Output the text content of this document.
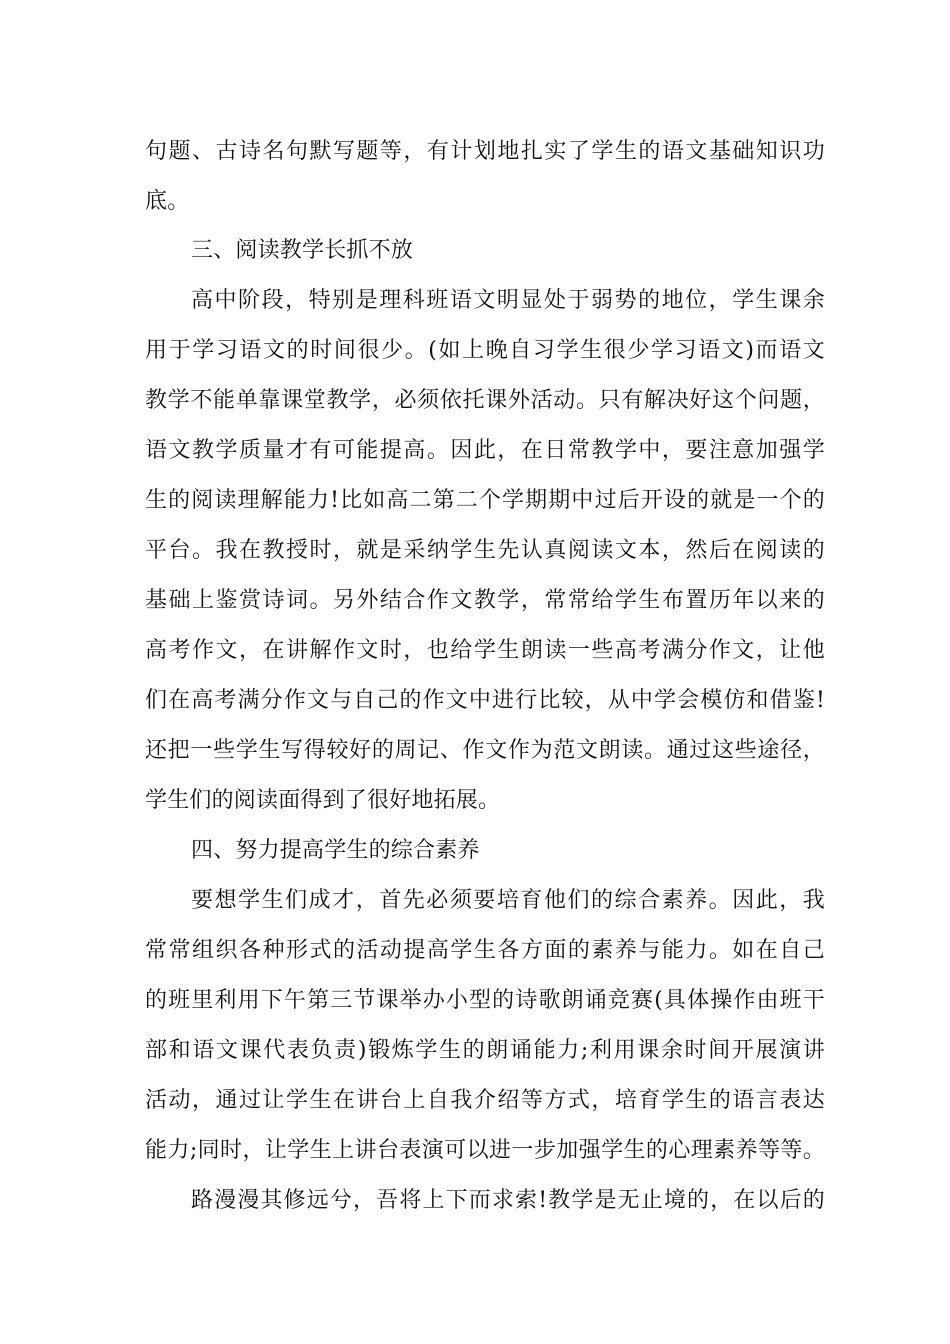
句题、古诗名句默写题等，有计划地扎实了学生的语文基础知识功
底。
三、阅读教学长抓不放
高中阶段，特别是理科班语文明显处于弱势的地位，学生课余
用于学习语文的时间很少。(如上晚自习学生很少学习语文)而语文
教学不能单靠课堂教学，必须依托课外活动。只有解决好这个问题，
语文教学质量才有可能提高。因此，在日常教学中，要注意加强学
生的阅读理解能力!比如高二第二个学期期中过后开设的就是一个的
平台。我在教授时，就是采纳学生先认真阅读文本，然后在阅读的
基础上鉴赏诗词。另外结合作文教学，常常给学生布置历年以来的
高考作文，在讲解作文时，也给学生朗读一些高考满分作文，让他
们在高考满分作文与自己的作文中进行比较，从中学会模仿和借鉴!
还把一些学生写得较好的周记、作文作为范文朗读。通过这些途径，
学生们的阅读面得到了很好地拓展。
四、努力提高学生的综合素养
要想学生们成才，首先必须要培育他们的综合素养。因此，我
常常组织各种形式的活动提高学生各方面的素养与能力。如在自己
的班里利用下午第三节课举办小型的诗歌朗诵竞赛(具体操作由班干
部和语文课代表负责)锻炼学生的朗诵能力;利用课余时间开展演讲
活动，通过让学生在讲台上自我介绍等方式，培育学生的语言表达
能力;同时，让学生上讲台表演可以进一步加强学生的心理素养等等。
路漫漫其修远兮，吾将上下而求索!教学是无止境的，在以后的
